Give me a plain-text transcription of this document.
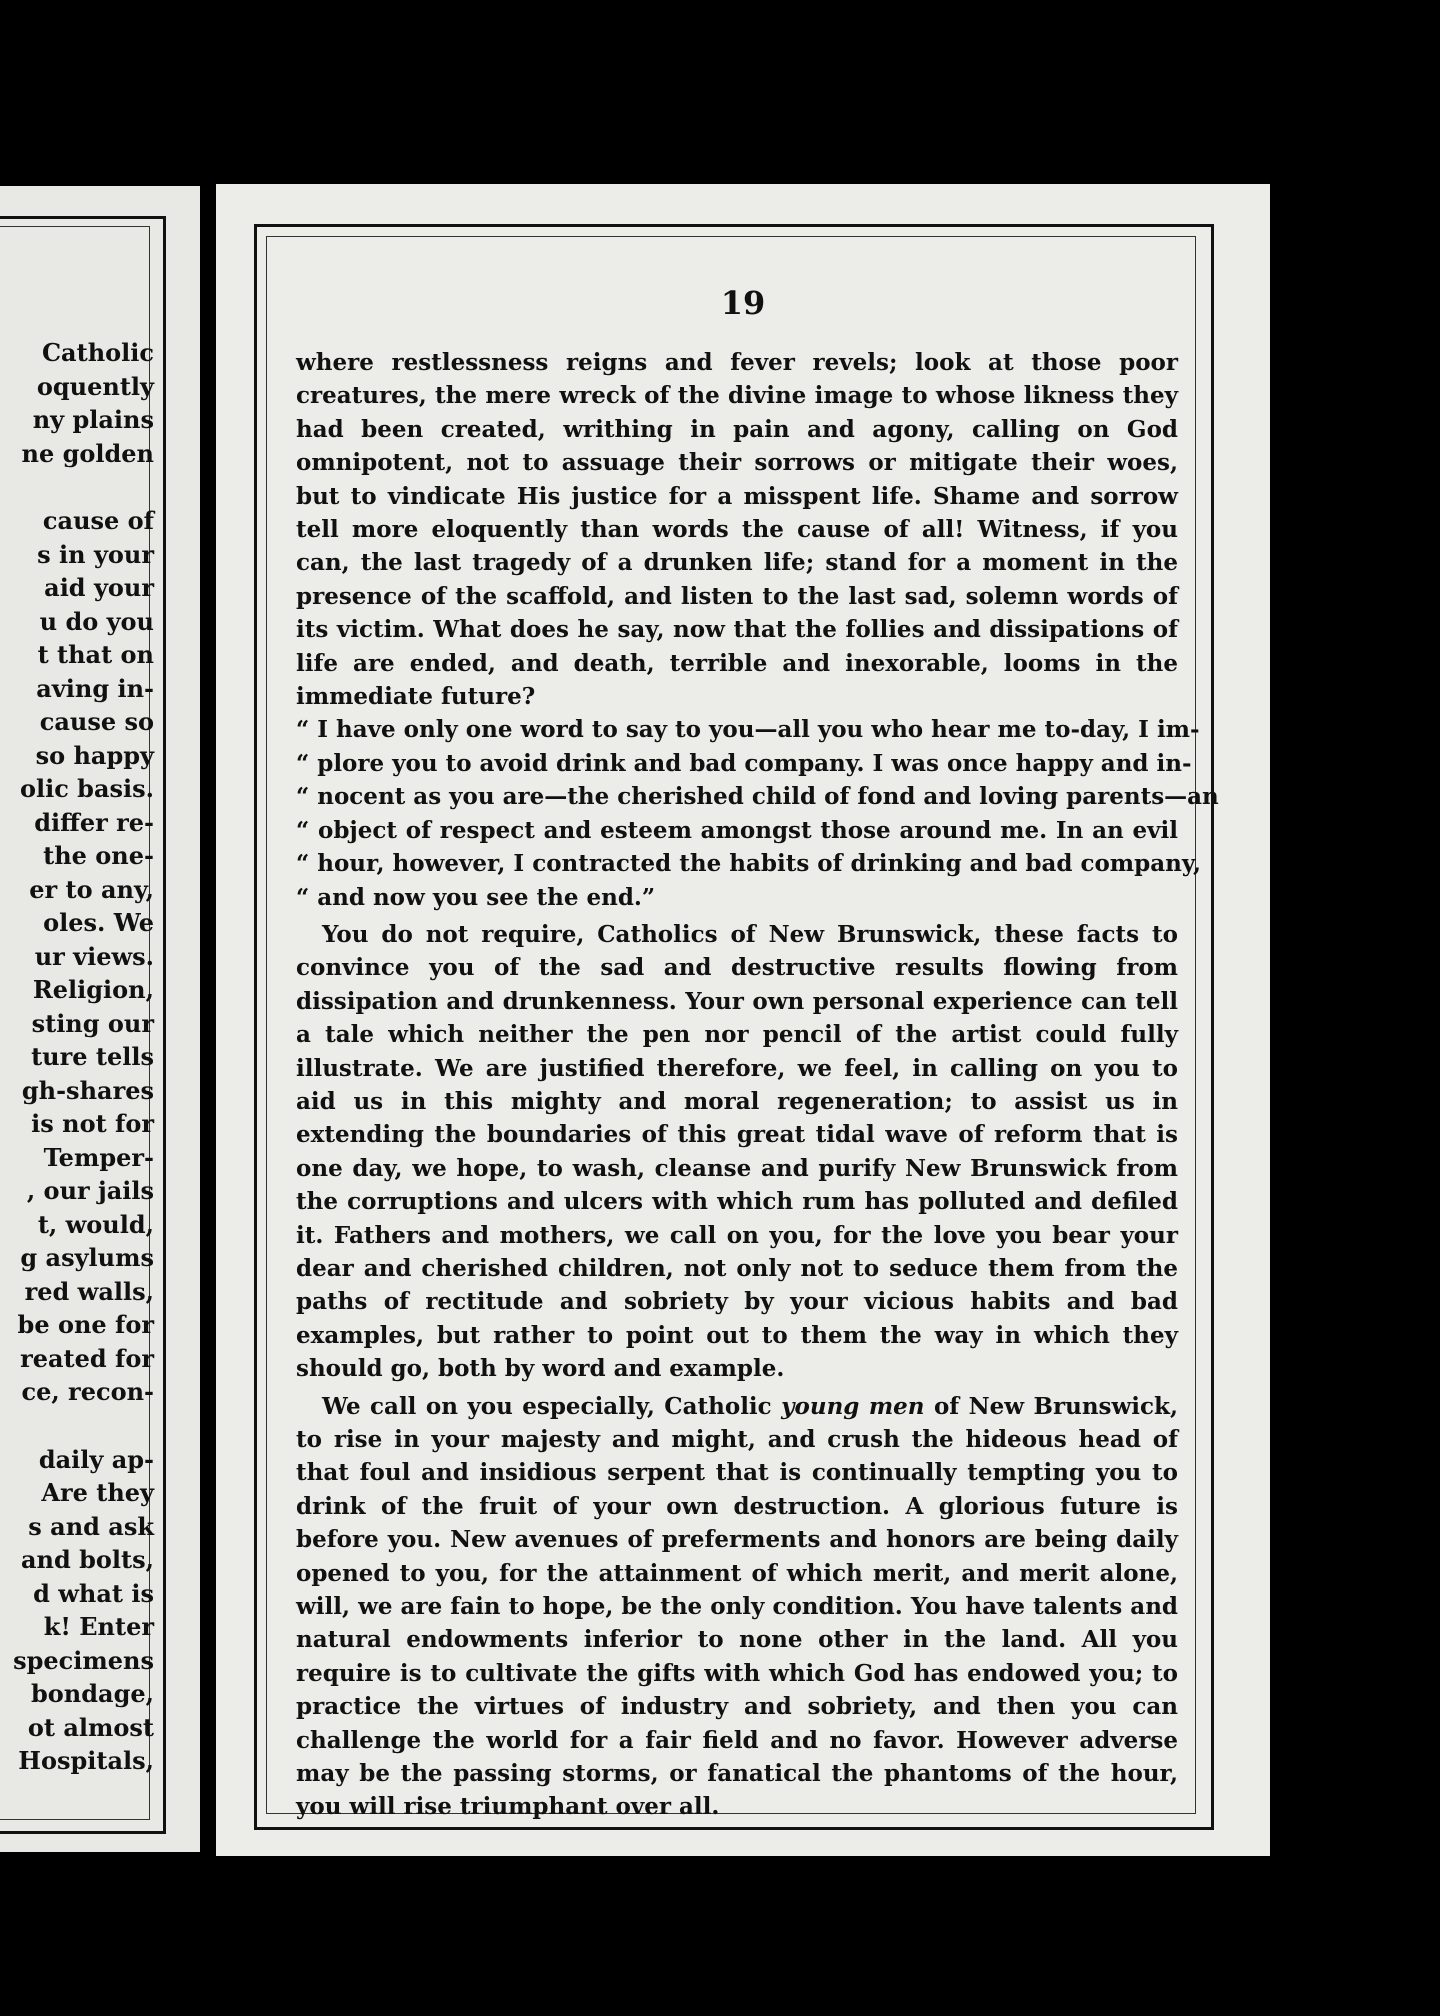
Catholic
oquently
ny plains
ne golden

cause of
s in your
aid your
u do you
t that on
aving in-
cause so
so happy
olic basis.
differ re-
the one-
er to any,
oles. We
ur views.
Religion,
sting our
ture tells
gh-shares
is not for
Temper-
, our jails
t, would,
g asylums
red walls,
be one for
reated for
ce, recon-

daily ap-
Are they
s and ask
and bolts,
d what is
k! Enter
specimens
bondage,
ot almost
Hospitals,
19

where restlessness reigns and fever revels; look at those poor creatures, the mere wreck of the divine image to whose likness they had been created, writhing in pain and agony, calling on God omnipotent, not to assuage their sorrows or mitigate their woes, but to vindicate His justice for a misspent life. Shame and sorrow tell more eloquently than words the cause of all! Witness, if you can, the last tragedy of a drunken life; stand for a moment in the presence of the scaffold, and listen to the last sad, solemn words of its victim. What does he say, now that the follies and dissipations of life are ended, and death, terrible and inexorable, looms in the immediate future?

“ I have only one word to say to you—all you who hear me to-day, I im-
“ plore you to avoid drink and bad company. I was once happy and in-
“ nocent as you are—the cherished child of fond and loving parents—an
“ object of respect and esteem amongst those around me. In an evil
“ hour, however, I contracted the habits of drinking and bad company,
“ and now you see the end.”

You do not require, Catholics of New Brunswick, these facts to convince you of the sad and destructive results flowing from dissipation and drunkenness. Your own personal experience can tell a tale which neither the pen nor pencil of the artist could fully illustrate. We are justified therefore, we feel, in calling on you to aid us in this mighty and moral regeneration; to assist us in extending the boundaries of this great tidal wave of reform that is one day, we hope, to wash, cleanse and purify New Brunswick from the corruptions and ulcers with which rum has polluted and defiled it. Fathers and mothers, we call on you, for the love you bear your dear and cherished children, not only not to seduce them from the paths of rectitude and sobriety by your vicious habits and bad examples, but rather to point out to them the way in which they should go, both by word and example.

We call on you especially, Catholic young men of New Brunswick, to rise in your majesty and might, and crush the hideous head of that foul and insidious serpent that is continually tempting you to drink of the fruit of your own destruction. A glorious future is before you. New avenues of preferments and honors are being daily opened to you, for the attainment of which merit, and merit alone, will, we are fain to hope, be the only condition. You have talents and natural endowments inferior to none other in the land. All you require is to cultivate the gifts with which God has endowed you; to practice the virtues of industry and sobriety, and then you can challenge the world for a fair field and no favor. However adverse may be the passing storms, or fanatical the phantoms of the hour, you will rise triumphant over all.
